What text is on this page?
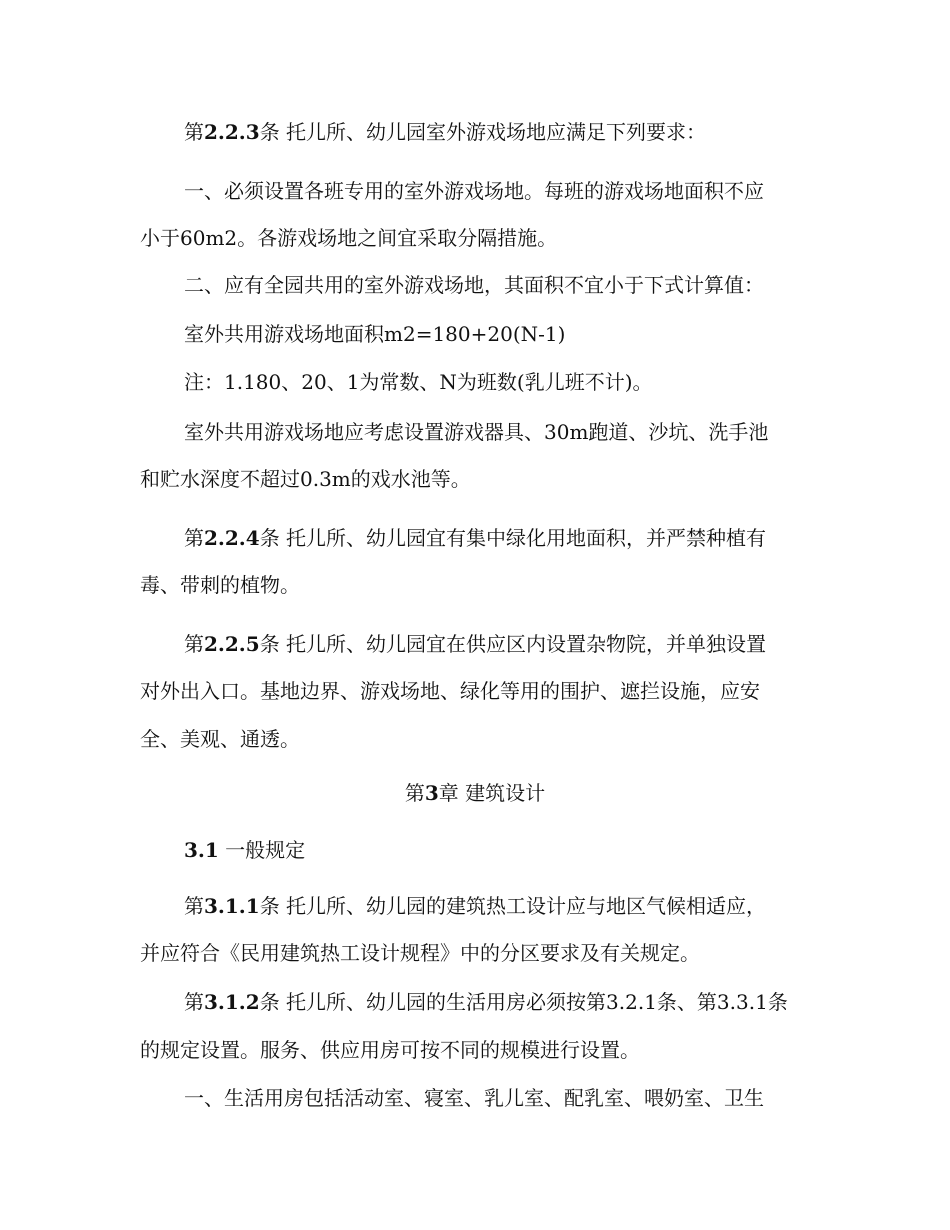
第2.2.3条 托儿所、幼儿园室外游戏场地应满足下列要求：
一、必须设置各班专用的室外游戏场地。每班的游戏场地面积不应
小于60m2。各游戏场地之间宜采取分隔措施。
二、应有全园共用的室外游戏场地，其面积不宜小于下式计算值：
室外共用游戏场地面积m2=180+20(N-1)
注：1.180、20、1为常数、N为班数(乳儿班不计)。
室外共用游戏场地应考虑设置游戏器具、30m跑道、沙坑、洗手池
和贮水深度不超过0.3m的戏水池等。
第2.2.4条 托儿所、幼儿园宜有集中绿化用地面积，并严禁种植有
毒、带刺的植物。
第2.2.5条 托儿所、幼儿园宜在供应区内设置杂物院，并单独设置
对外出入口。基地边界、游戏场地、绿化等用的围护、遮拦设施，应安
全、美观、通透。
第3章 建筑设计
3.1 一般规定
第3.1.1条 托儿所、幼儿园的建筑热工设计应与地区气候相适应，
并应符合《民用建筑热工设计规程》中的分区要求及有关规定。
第3.1.2条 托儿所、幼儿园的生活用房必须按第3.2.1条、第3.3.1条
的规定设置。服务、供应用房可按不同的规模进行设置。
一、生活用房包括活动室、寝室、乳儿室、配乳室、喂奶室、卫生
